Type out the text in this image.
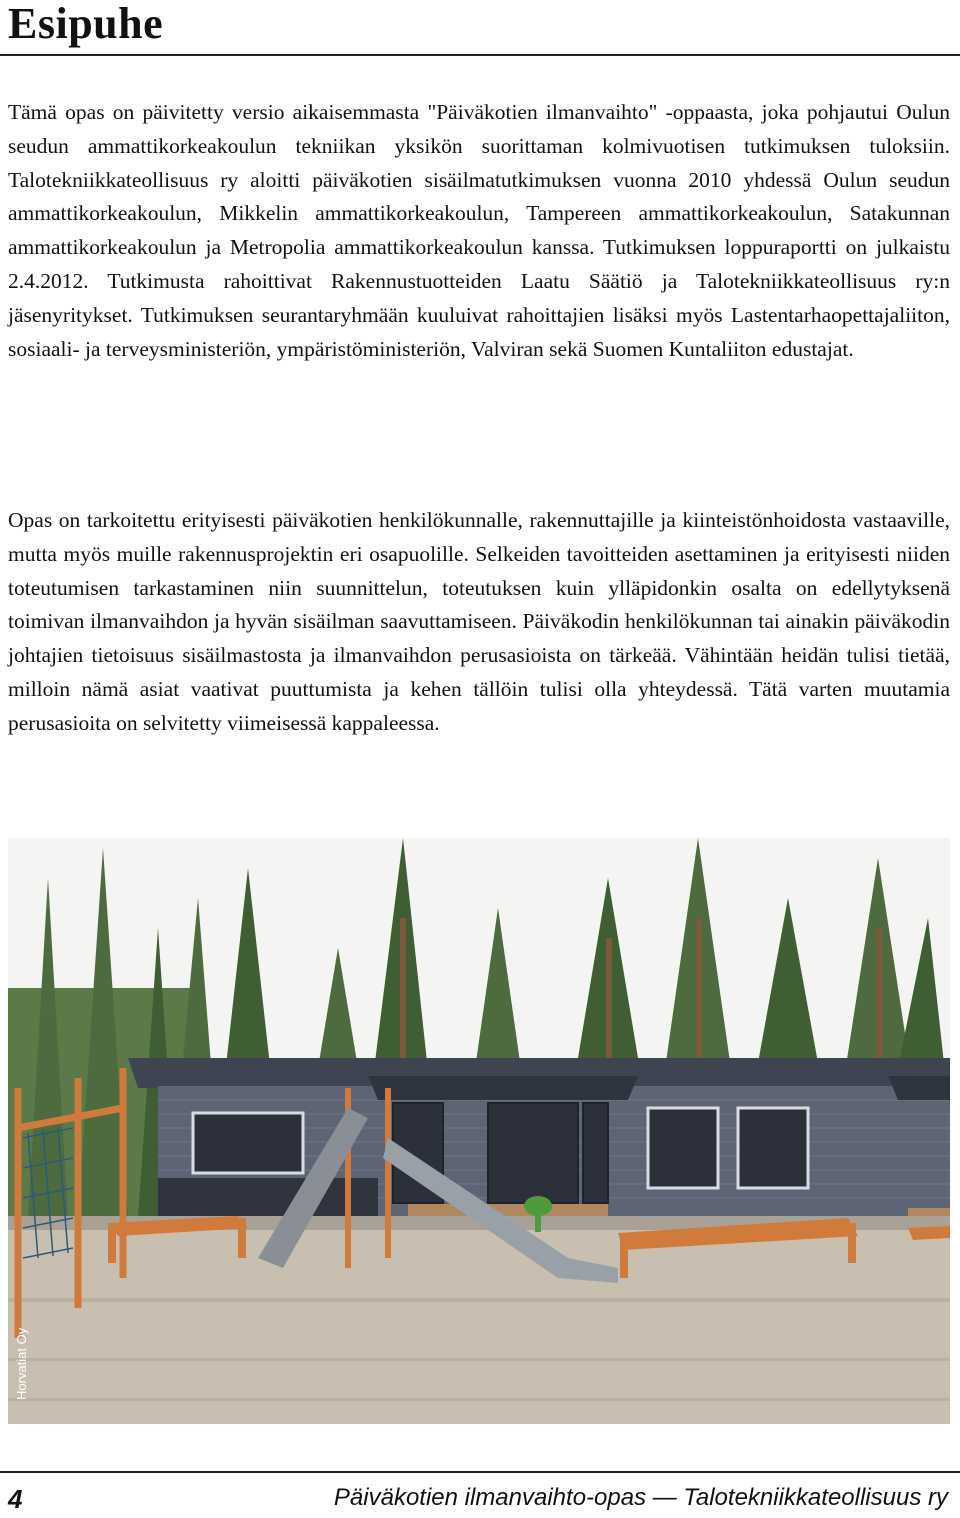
Esipuhe

Tämä opas on päivitetty versio aikaisemmasta "Päiväkotien ilmanvaihto" -oppaasta, joka pohjautui Oulun seudun ammattikorkeakoulun tekniikan yksikön suorittaman kolmivuotisen tutkimuksen tuloksiin. Talotekniikkateollisuus ry aloitti päiväkotien sisäilmatutkimuksen vuonna 2010 yhdessä Oulun seudun ammattikorkeakoulun, Mikkelin ammattikorkeakoulun, Tampereen ammattikorkeakoulun, Satakunnan ammattikorkeakoulun ja Metropolia ammattikorkeakoulun kanssa. Tutkimuksen loppuraportti on julkaistu 2.4.2012. Tutkimusta rahoittivat Rakennustuotteiden Laatu Säätiö ja Talotekniikkateollisuus ry:n jäsenyritykset. Tutkimuksen seurantaryhmään kuuluivat rahoittajien lisäksi myös Lastentarhaopettajaliiton, sosiaali- ja terveysministeriön, ympäristöministeriön, Valviran sekä Suomen Kuntaliiton edustajat.

Opas on tarkoitettu erityisesti päiväkotien henkilökunnalle, rakennuttajille ja kiinteistönhoidosta vastaaville, mutta myös muille rakennusprojektin eri osapuolille. Selkeiden tavoitteiden asettaminen ja erityisesti niiden toteutumisen tarkastaminen niin suunnittelun, toteutuksen kuin ylläpidonkin osalta on edellytyksenä toimivan ilmanvaihdon ja hyvän sisäilman saavuttamiseen. Päiväkodin henkilökunnan tai ainakin päiväkodin johtajien tietoisuus sisäilmastosta ja ilmanvaihdon perusasioista on tärkeää. Vähintään heidän tulisi tietää, milloin nämä asiat vaativat puuttumista ja kehen tällöin tulisi olla yhteydessä. Tätä varten muutamia perusasioita on selvitetty viimeisessä kappaleessa.

Horvatiat Oy
4	Päiväkotien ilmanvaihto-opas — Talotekniikkateollisuus ry
